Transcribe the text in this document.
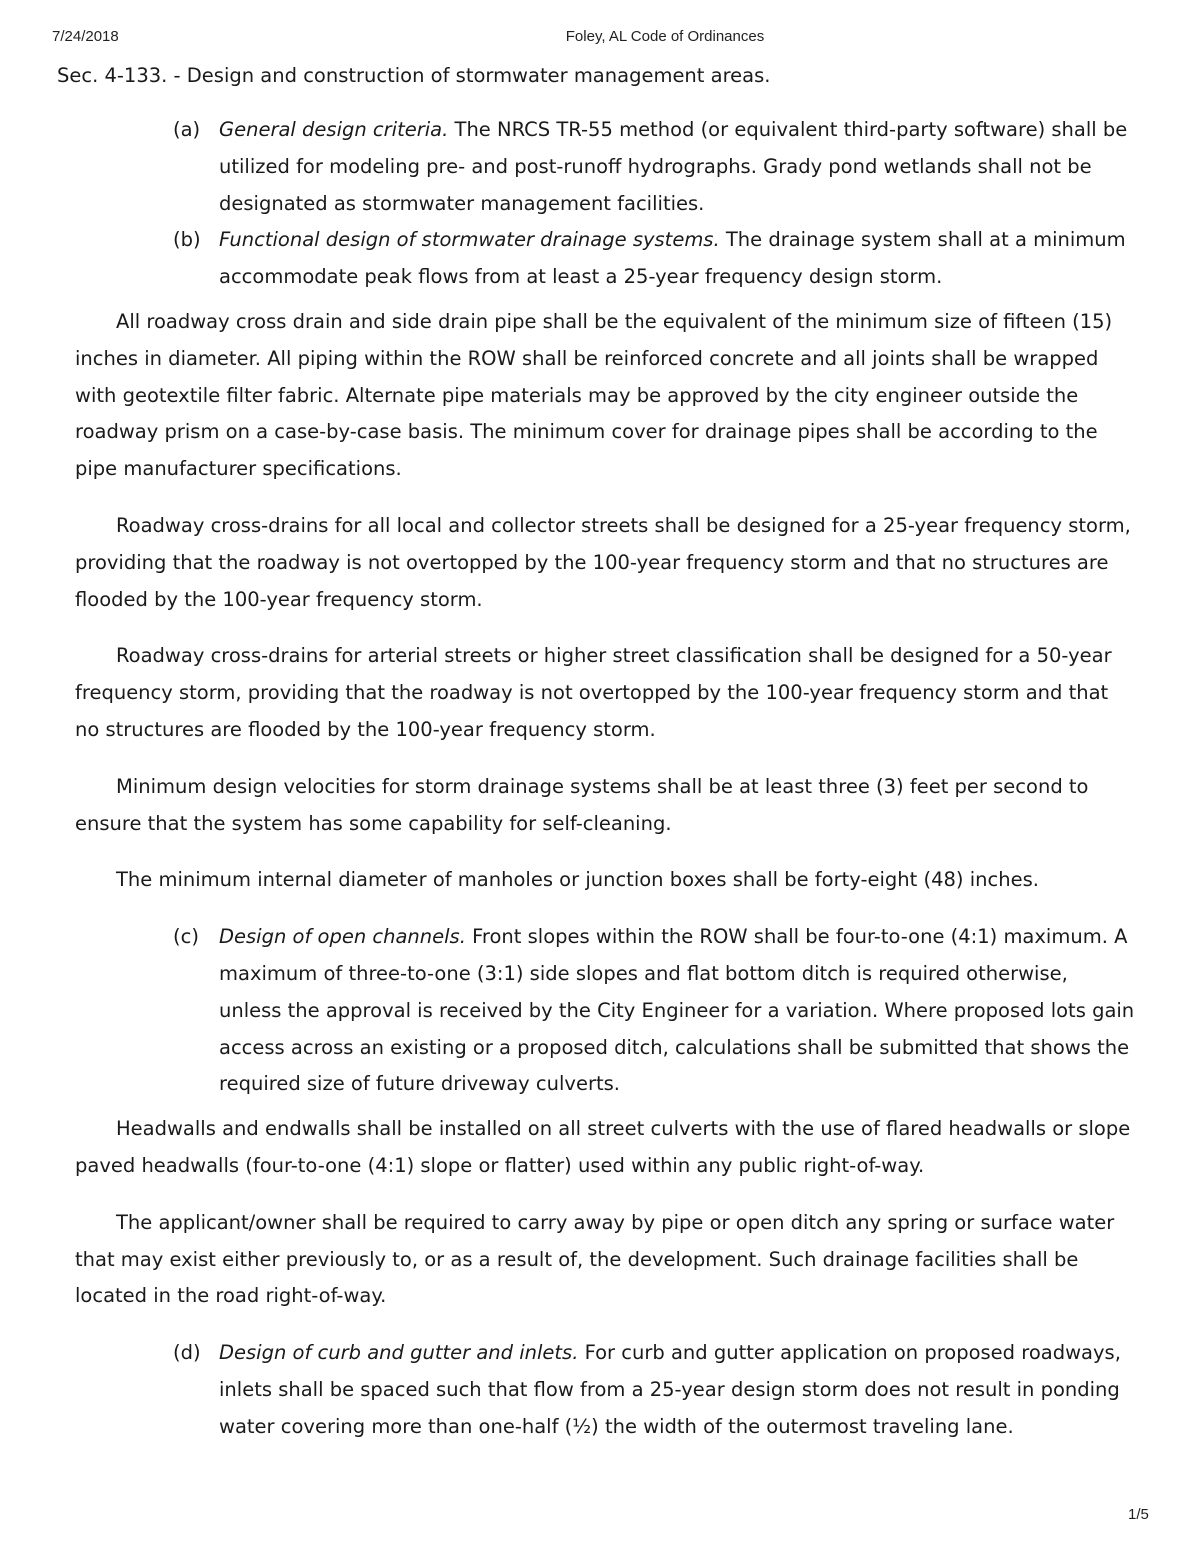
7/24/2018	Foley, AL Code of Ordinances
Sec. 4-133. - Design and construction of stormwater management areas.

(a) General design criteria. The NRCS TR-55 method (or equivalent third-party software) shall be utilized for modeling pre- and post-runoff hydrographs. Grady pond wetlands shall not be designated as stormwater management facilities.

(b) Functional design of stormwater drainage systems. The drainage system shall at a minimum accommodate peak flows from at least a 25-year frequency design storm.

All roadway cross drain and side drain pipe shall be the equivalent of the minimum size of fifteen (15) inches in diameter. All piping within the ROW shall be reinforced concrete and all joints shall be wrapped with geotextile filter fabric. Alternate pipe materials may be approved by the city engineer outside the roadway prism on a case-by-case basis. The minimum cover for drainage pipes shall be according to the pipe manufacturer specifications.

Roadway cross-drains for all local and collector streets shall be designed for a 25-year frequency storm, providing that the roadway is not overtopped by the 100-year frequency storm and that no structures are flooded by the 100-year frequency storm.

Roadway cross-drains for arterial streets or higher street classification shall be designed for a 50-year frequency storm, providing that the roadway is not overtopped by the 100-year frequency storm and that no structures are flooded by the 100-year frequency storm.

Minimum design velocities for storm drainage systems shall be at least three (3) feet per second to ensure that the system has some capability for self-cleaning.

The minimum internal diameter of manholes or junction boxes shall be forty-eight (48) inches.

(c) Design of open channels. Front slopes within the ROW shall be four-to-one (4:1) maximum. A maximum of three-to-one (3:1) side slopes and flat bottom ditch is required otherwise, unless the approval is received by the City Engineer for a variation. Where proposed lots gain access across an existing or a proposed ditch, calculations shall be submitted that shows the required size of future driveway culverts.

Headwalls and endwalls shall be installed on all street culverts with the use of flared headwalls or slope paved headwalls (four-to-one (4:1) slope or flatter) used within any public right-of-way.

The applicant/owner shall be required to carry away by pipe or open ditch any spring or surface water that may exist either previously to, or as a result of, the development. Such drainage facilities shall be located in the road right-of-way.

(d) Design of curb and gutter and inlets. For curb and gutter application on proposed roadways, inlets shall be spaced such that flow from a 25-year design storm does not result in ponding water covering more than one-half (½) the width of the outermost traveling lane.

1/5
